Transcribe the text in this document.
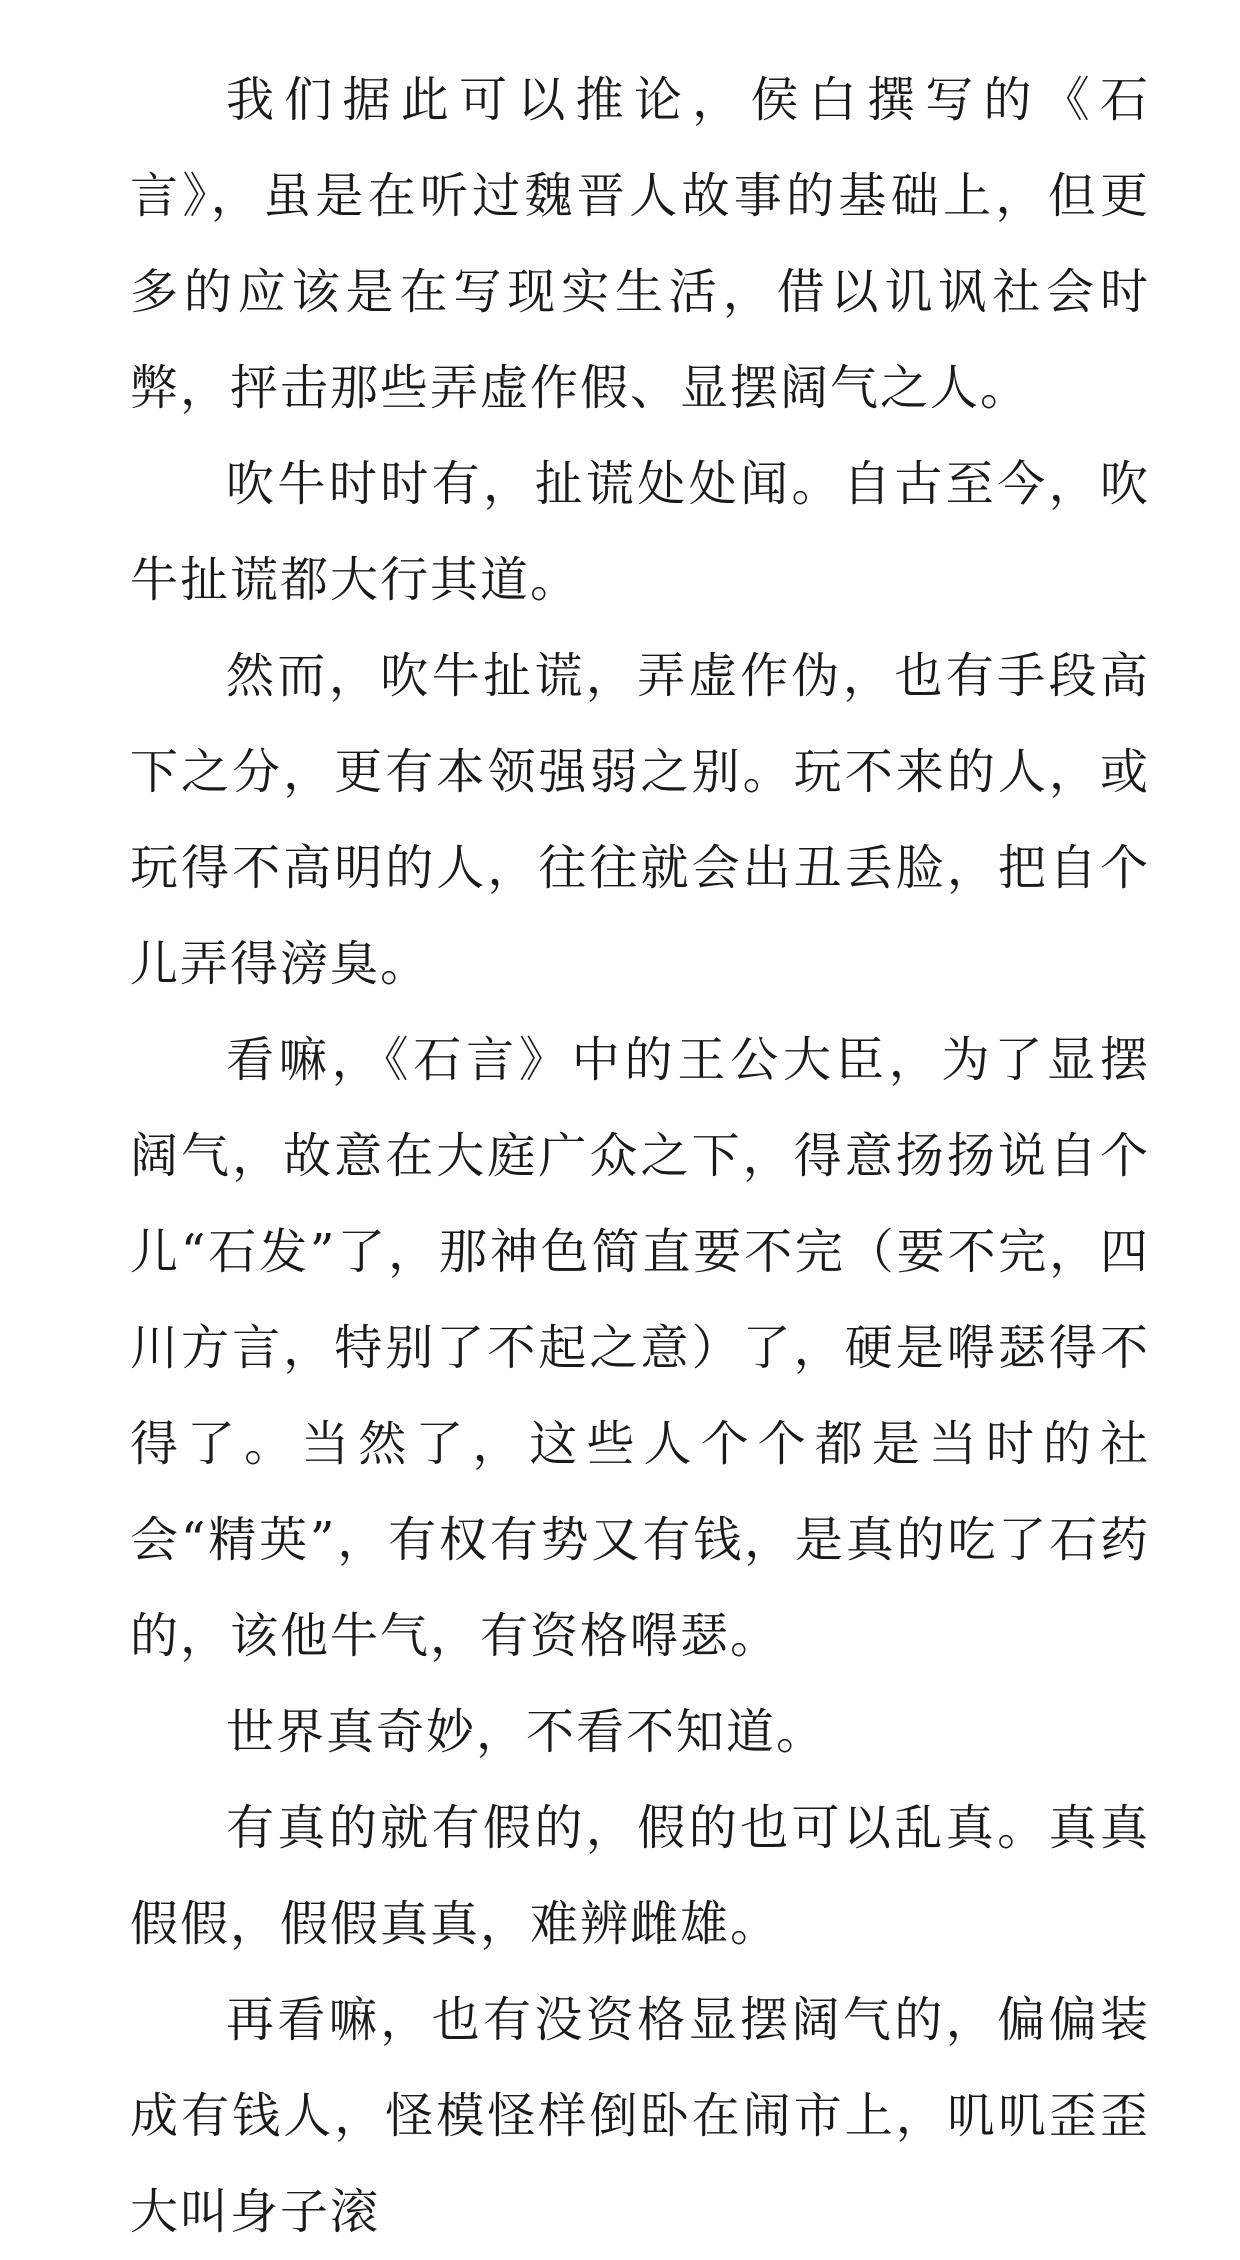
我们据此可以推论，侯白撰写的《石言》，虽是在听过魏晋人故事的基础上，但更多的应该是在写现实生活，借以讥讽社会时弊，抨击那些弄虚作假、显摆阔气之人。

吹牛时时有，扯谎处处闻。自古至今，吹牛扯谎都大行其道。

然而，吹牛扯谎，弄虚作伪，也有手段高下之分，更有本领强弱之别。玩不来的人，或玩得不高明的人，往往就会出丑丢脸，把自个儿弄得滂臭。

看嘛，《石言》中的王公大臣，为了显摆阔气，故意在大庭广众之下，得意扬扬说自个儿“石发”了，那神色简直要不完（要不完，四川方言，特别了不起之意）了，硬是嘚瑟得不得了。当然了，这些人个个都是当时的社会“精英”，有权有势又有钱，是真的吃了石药的，该他牛气，有资格嘚瑟。

世界真奇妙，不看不知道。

有真的就有假的，假的也可以乱真。真真假假，假假真真，难辨雌雄。

再看嘛，也有没资格显摆阔气的，偏偏装成有钱人，怪模怪样倒卧在闹市上，叽叽歪歪大叫身子滚
